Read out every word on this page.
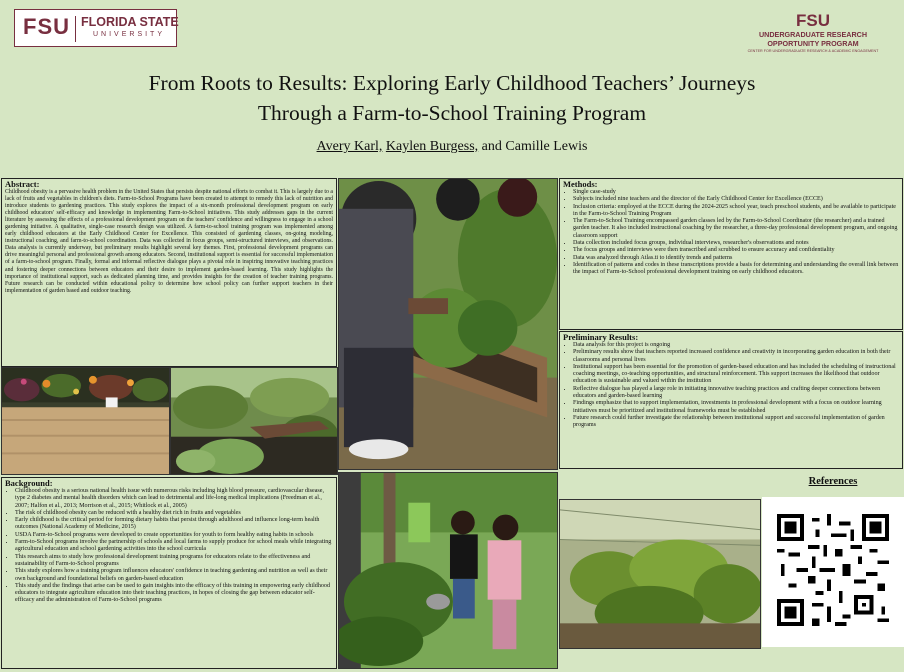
FSU FLORIDA STATE
UNIVERSITY
FSU
UNDERGRADUATE RESEARCH
OPPORTUNITY PROGRAM
CENTER FOR UNDERGRADUATE RESEARCH & ACADEMIC ENGAGEMENT
From Roots to Results: Exploring Early Childhood Teachers’ Journeys
Through a Farm-to-School Training Program
Avery Karl, Kaylen Burgess, and Camille Lewis
Abstract:
Childhood obesity is a pervasive health problem in the United States that persists despite national efforts to combat it. This is largely due to a lack of fruits and vegetables in children's diets. Farm-to-School Programs have been created to attempt to remedy this lack of nutrition and introduce students to gardening practices. This study explores the impact of a six-month professional development program on early childhood educators' self-efficacy and knowledge in implementing Farm-to-School initiatives. This study addresses gaps in the current literature by assessing the effects of a professional development program on the teachers' confidence and willingness to engage in a school gardening initiative. A qualitative, single-case research design was utilized. A farm-to-school training program was implemented among early childhood educators at the Early Childhood Center for Excellence. This consisted of gardening classes, on-going modeling, instructional coaching, and farm-to-school coordination. Data was collected in focus groups, semi-structured interviews, and observations. Data analysis is currently underway, but preliminary results highlight several key themes. First, professional development programs can drive meaningful personal and professional growth among educators. Second, institutional support is essential for successful implementation of a farm-to-school program. Finally, formal and informal reflective dialogue plays a pivotal role in inspiring innovative teaching practices and fostering deeper connections between educators and their desire to implement garden-based learning. This study highlights the importance of institutional support, such as dedicated planning time, and provides insights for the creation of teacher training programs. Future research can be conducted within educational policy to determine how school policy can further support teachers in their implementation of garden based and outdoor teaching.
Background:
• Childhood obesity is a serious national health issue with numerous risks including high blood pressure, cardiovascular disease, type 2 diabetes and mental health disorders which can lead to detrimental and life-long medical implications (Freedman et al., 2007; Halfon et al., 2013; Morrison et al., 2015; Whitlock et al., 2005)
• The risk of childhood obesity can be reduced with a healthy diet rich in fruits and vegetables
• Early childhood is the critical period for forming dietary habits that persist through adulthood and influence long-term health outcomes (National Academy of Medicine, 2015)
• USDA Farm-to-School programs were developed to create opportunities for youth to form healthy eating habits in schools
• Farm-to-School programs involve the partnership of schools and local farms to supply produce for school meals while integrating agricultural education and school gardening activities into the school curricula
• This research aims to study how professional development training programs for educators relate to the effectiveness and sustainability of Farm-to-School programs
• This study explores how a training program influences educators' confidence in teaching gardening and nutrition as well as their own background and foundational beliefs on garden-based education
• This study and the findings that arise can be used to gain insights into the efficacy of this training in empowering early childhood educators to integrate agriculture education into their teaching practices, in hopes of closing the gap between educator self-efficacy and the administration of Farm-to-School programs
Methods:
• Single case-study
• Subjects included nine teachers and the director of the Early Childhood Center for Excellence (ECCE)
• Inclusion criteria: employed at the ECCE during the 2024-2025 school year, teach preschool students, and be available to participate in the Farm-to-School Training Program
• The Farm-to-School Training encompassed garden classes led by the Farm-to-School Coordinator (the researcher) and a trained garden teacher. It also included instructional coaching by the researcher, a three-day professional development program, and ongoing classroom support
• Data collection included focus groups, individual interviews, researcher's observations and notes
• The focus groups and interviews were then transcribed and scrubbed to ensure accuracy and confidentiality
• Data was analyzed through Atlas.ti to identify trends and patterns
• Identification of patterns and codes in these transcriptions provide a basis for determining and understanding the overall link between the impact of Farm-to-School professional development training on early childhood educators.
Preliminary Results:
• Data analysis for this project is ongoing
• Preliminary results show that teachers reported increased confidence and creativity in incorporating garden education in both their classrooms and personal lives
• Institutional support has been essential for the promotion of garden-based education and has included the scheduling of instructional coaching meetings, co-teaching opportunities, and structural reinforcement. This support increases the likelihood that outdoor education is sustainable and valued within the institution
• Reflective dialogue has played a large role in initiating innovative teaching practices and crafting deeper connections between educators and garden-based learning
• Findings emphasize that to support implementation, investments in professional development with a focus on outdoor learning initiatives must be prioritized and institutional frameworks must be established
• Future research could further investigate the relationship between institutional support and successful implementation of garden programs
References
